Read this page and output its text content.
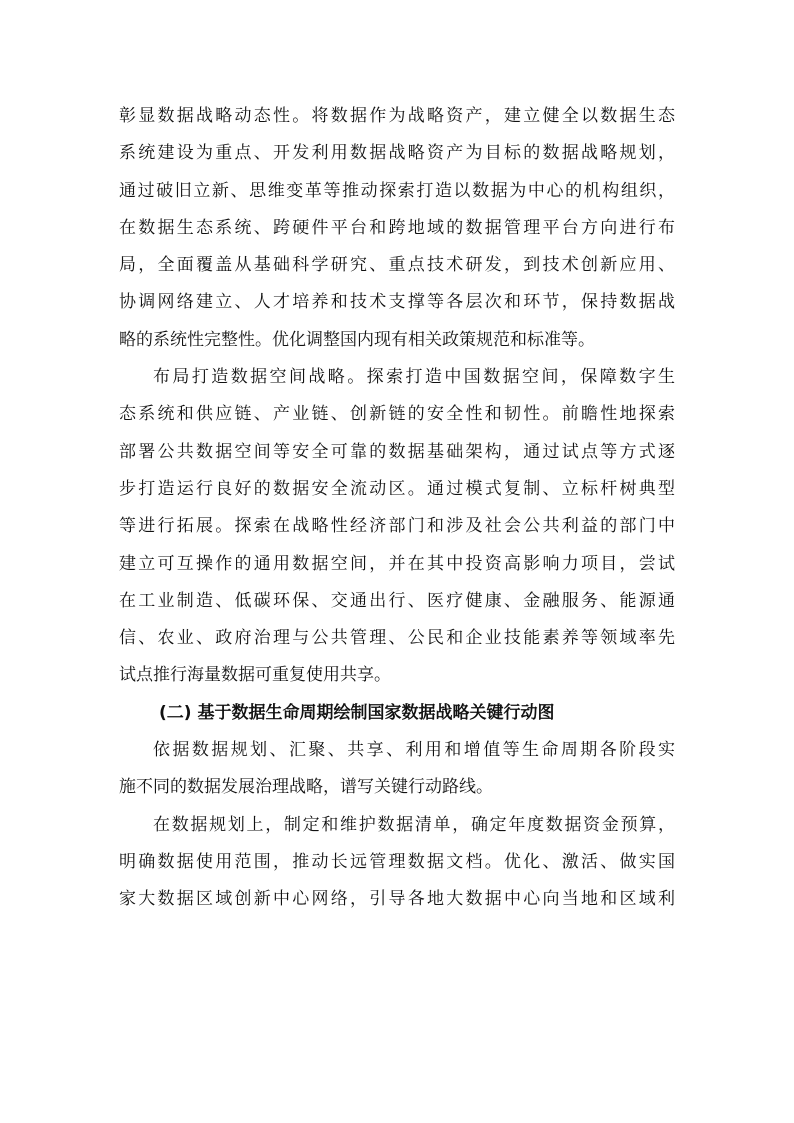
彰显数据战略动态性。将数据作为战略资产，建立健全以数据生态
系统建设为重点、开发利用数据战略资产为目标的数据战略规划，
通过破旧立新、思维变革等推动探索打造以数据为中心的机构组织，
在数据生态系统、跨硬件平台和跨地域的数据管理平台方向进行布
局，全面覆盖从基础科学研究、重点技术研发，到技术创新应用、
协调网络建立、人才培养和技术支撑等各层次和环节，保持数据战
略的系统性完整性。优化调整国内现有相关政策规范和标准等。
布局打造数据空间战略。探索打造中国数据空间，保障数字生
态系统和供应链、产业链、创新链的安全性和韧性。前瞻性地探索
部署公共数据空间等安全可靠的数据基础架构，通过试点等方式逐
步打造运行良好的数据安全流动区。通过模式复制、立标杆树典型
等进行拓展。探索在战略性经济部门和涉及社会公共利益的部门中
建立可互操作的通用数据空间，并在其中投资高影响力项目，尝试
在工业制造、低碳环保、交通出行、医疗健康、金融服务、能源通
信、农业、政府治理与公共管理、公民和企业技能素养等领域率先
试点推行海量数据可重复使用共享。
(二) 基于数据生命周期绘制国家数据战略关键行动图
依据数据规划、汇聚、共享、利用和增值等生命周期各阶段实
施不同的数据发展治理战略，谱写关键行动路线。
在数据规划上，制定和维护数据清单，确定年度数据资金预算，
明确数据使用范围，推动长远管理数据文档。优化、激活、做实国
家大数据区域创新中心网络，引导各地大数据中心向当地和区域利
